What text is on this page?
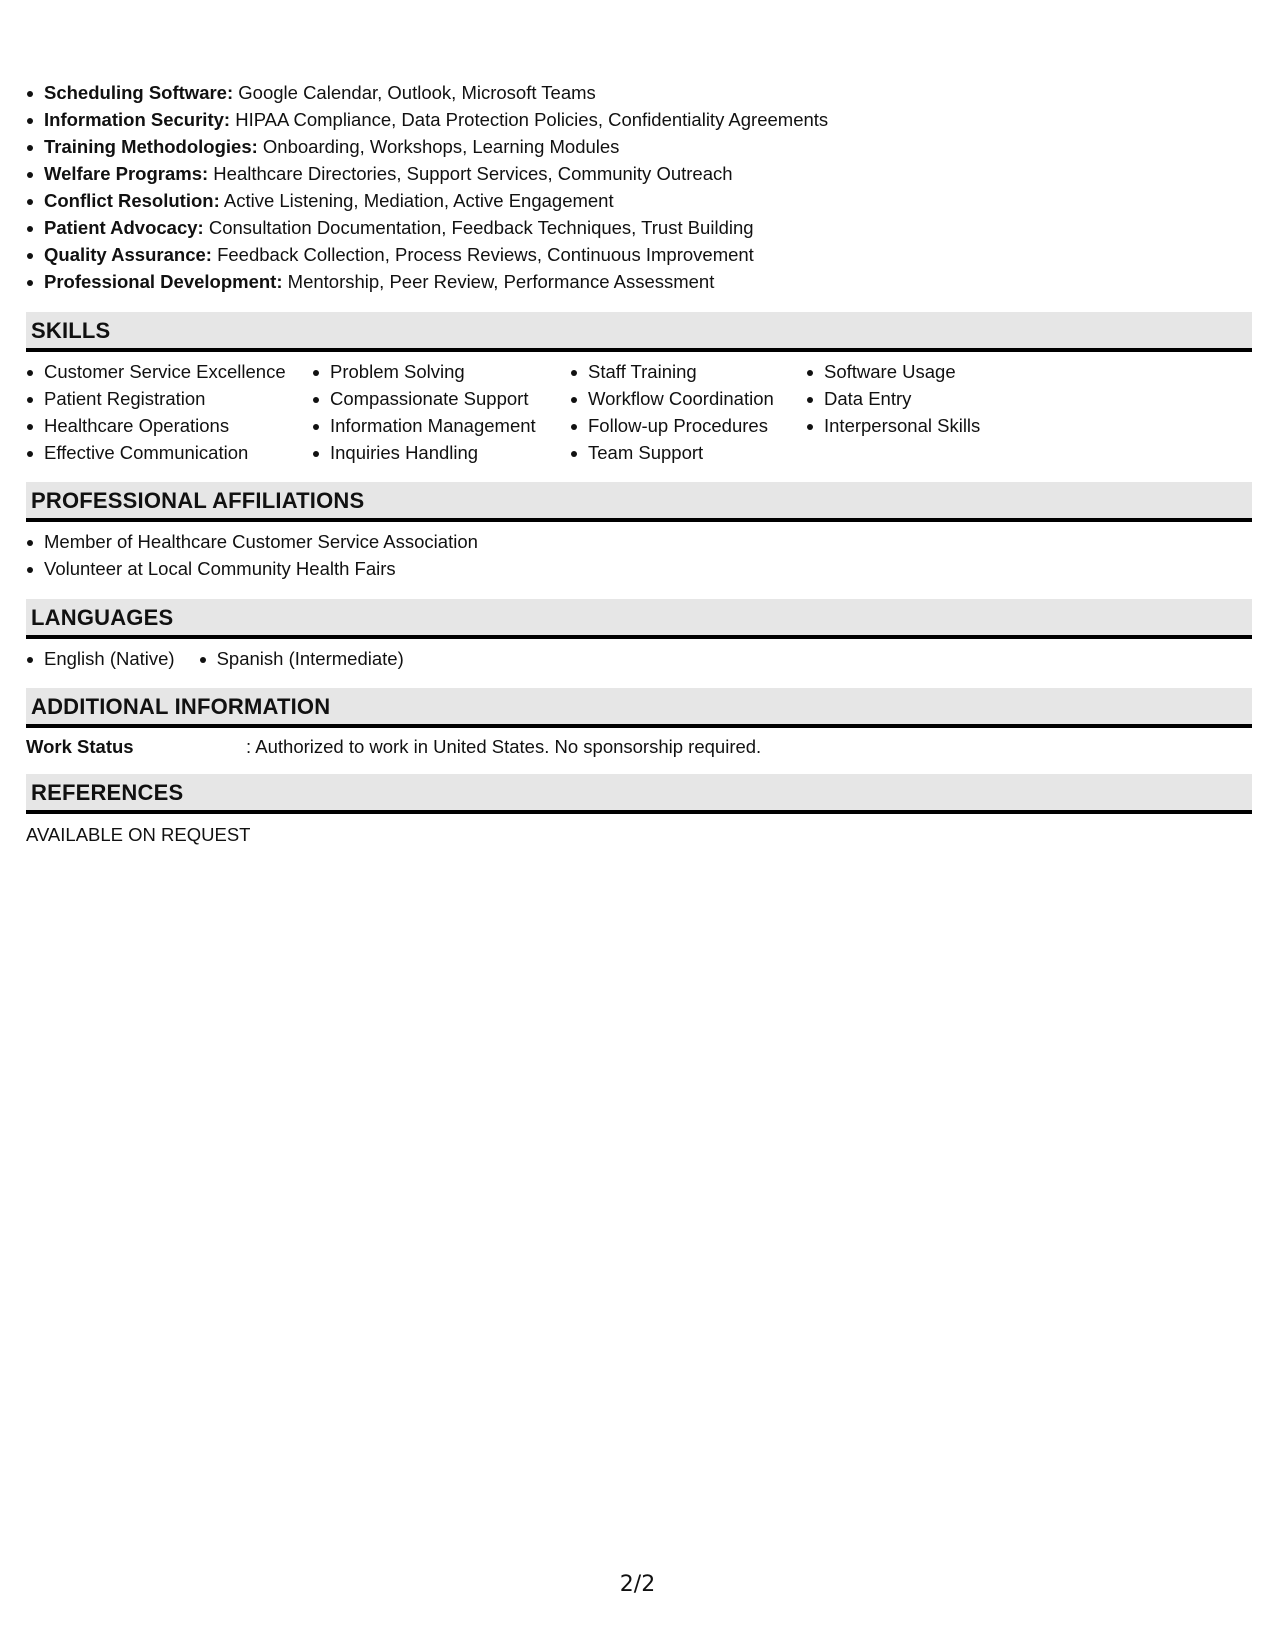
Scheduling Software: Google Calendar, Outlook, Microsoft Teams
Information Security: HIPAA Compliance, Data Protection Policies, Confidentiality Agreements
Training Methodologies: Onboarding, Workshops, Learning Modules
Welfare Programs: Healthcare Directories, Support Services, Community Outreach
Conflict Resolution: Active Listening, Mediation, Active Engagement
Patient Advocacy: Consultation Documentation, Feedback Techniques, Trust Building
Quality Assurance: Feedback Collection, Process Reviews, Continuous Improvement
Professional Development: Mentorship, Peer Review, Performance Assessment
SKILLS
Customer Service Excellence
Patient Registration
Healthcare Operations
Effective Communication
Problem Solving
Compassionate Support
Information Management
Inquiries Handling
Staff Training
Workflow Coordination
Follow-up Procedures
Team Support
Software Usage
Data Entry
Interpersonal Skills
PROFESSIONAL AFFILIATIONS
Member of Healthcare Customer Service Association
Volunteer at Local Community Health Fairs
LANGUAGES
English (Native)	Spanish (Intermediate)
ADDITIONAL INFORMATION
Work Status	: Authorized to work in United States. No sponsorship required.
REFERENCES
AVAILABLE ON REQUEST
2/2
